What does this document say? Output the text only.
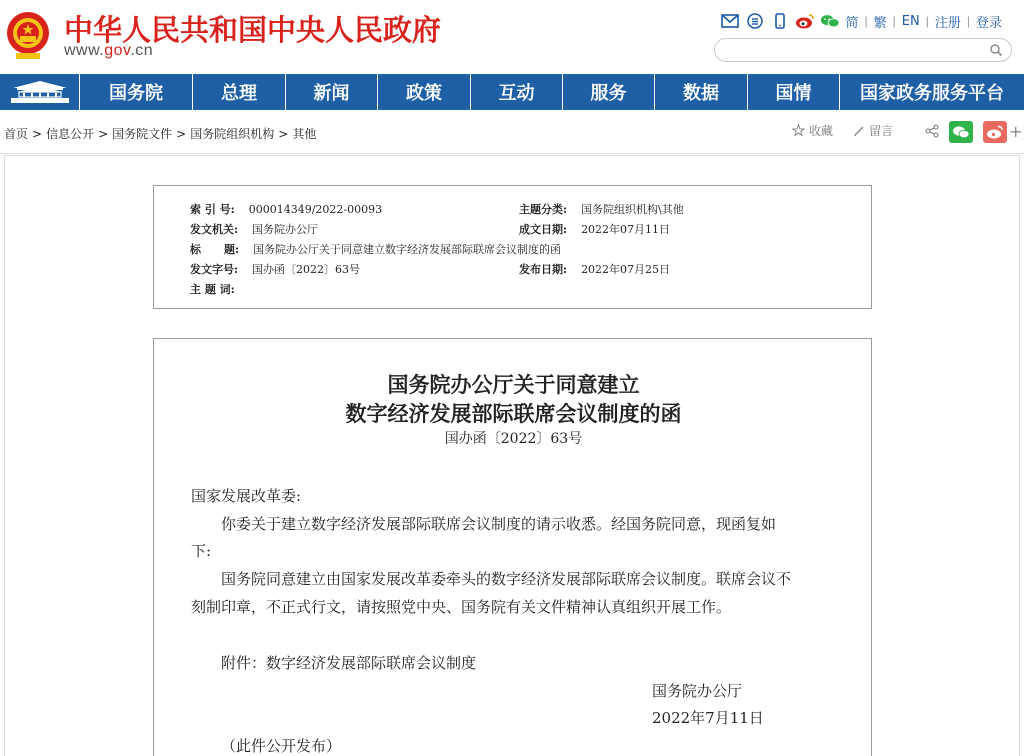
中华人民共和国中央人民政府
www.gov.cn
简 | 繁 | EN | 注册 | 登录
国务院	总理	新闻	政策	互动	服务	数据	国情	国家政务服务平台
首页 > 信息公开 > 国务院文件 > 国务院组织机构 > 其他	收藏	留言	+
索 引 号: 000014349/2022-00093	主题分类: 国务院组织机构\其他
发文机关: 国务院办公厅	成文日期: 2022年07月11日
标      题: 国务院办公厅关于同意建立数字经济发展部际联席会议制度的函
发文字号: 国办函〔2022〕63号	发布日期: 2022年07月25日
主 题 词:
国务院办公厅关于同意建立
数字经济发展部际联席会议制度的函
国办函〔2022〕63号
国家发展改革委:
你委关于建立数字经济发展部际联席会议制度的请示收悉。经国务院同意，现函复如
下:
国务院同意建立由国家发展改革委牵头的数字经济发展部际联席会议制度。联席会议不
刻制印章，不正式行文，请按照党中央、国务院有关文件精神认真组织开展工作。
附件：数字经济发展部际联席会议制度
国务院办公厅
2022年7月11日
（此件公开发布）
